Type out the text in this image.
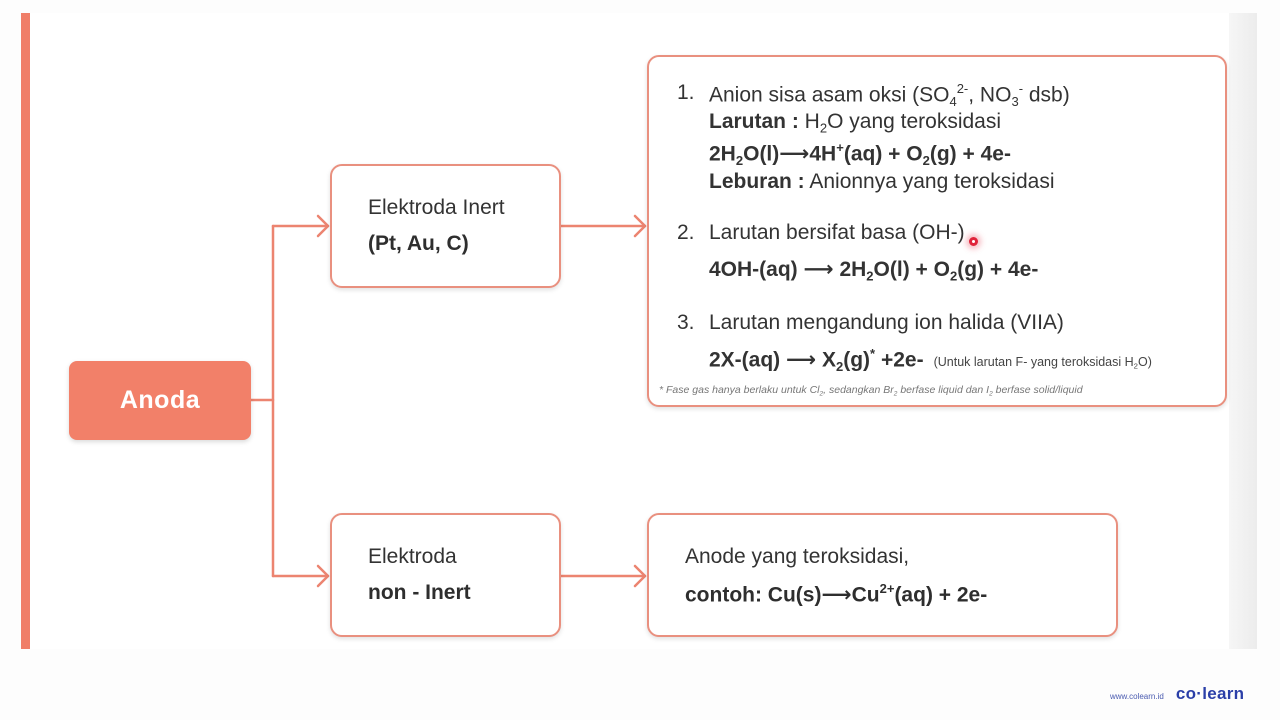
Anoda
Elektroda Inert
(Pt, Au, C)
Elektroda
non - Inert
1. Anion sisa asam oksi ($SO_4^{2-}$, $NO_3^-$ dsb)
Larutan : $H_2O$ yang teroksidasi
$2H_2O(l)⟶4H^+(aq) + O_2(g) + 4e-$
Leburan : Anionnya yang teroksidasi
2. Larutan bersifat basa (OH-)
4OH-(aq) ⟶ $2H_2O(l) + O_2(g) + 4e-$
3. Larutan mengandung ion halida (VIIA)
2X-(aq) ⟶ $X_2(g)^* +2e-$ (Untuk larutan F- yang teroksidasi $H_2O$)
* Fase gas hanya berlaku untuk $Cl_2$, sedangkan $Br_2$ berfase liquid dan $I_2$ berfase solid/liquid
Anode yang teroksidasi,
contoh: $Cu(s)⟶Cu^{2+}(aq) + 2e-$
www.colearn.id co·learn
